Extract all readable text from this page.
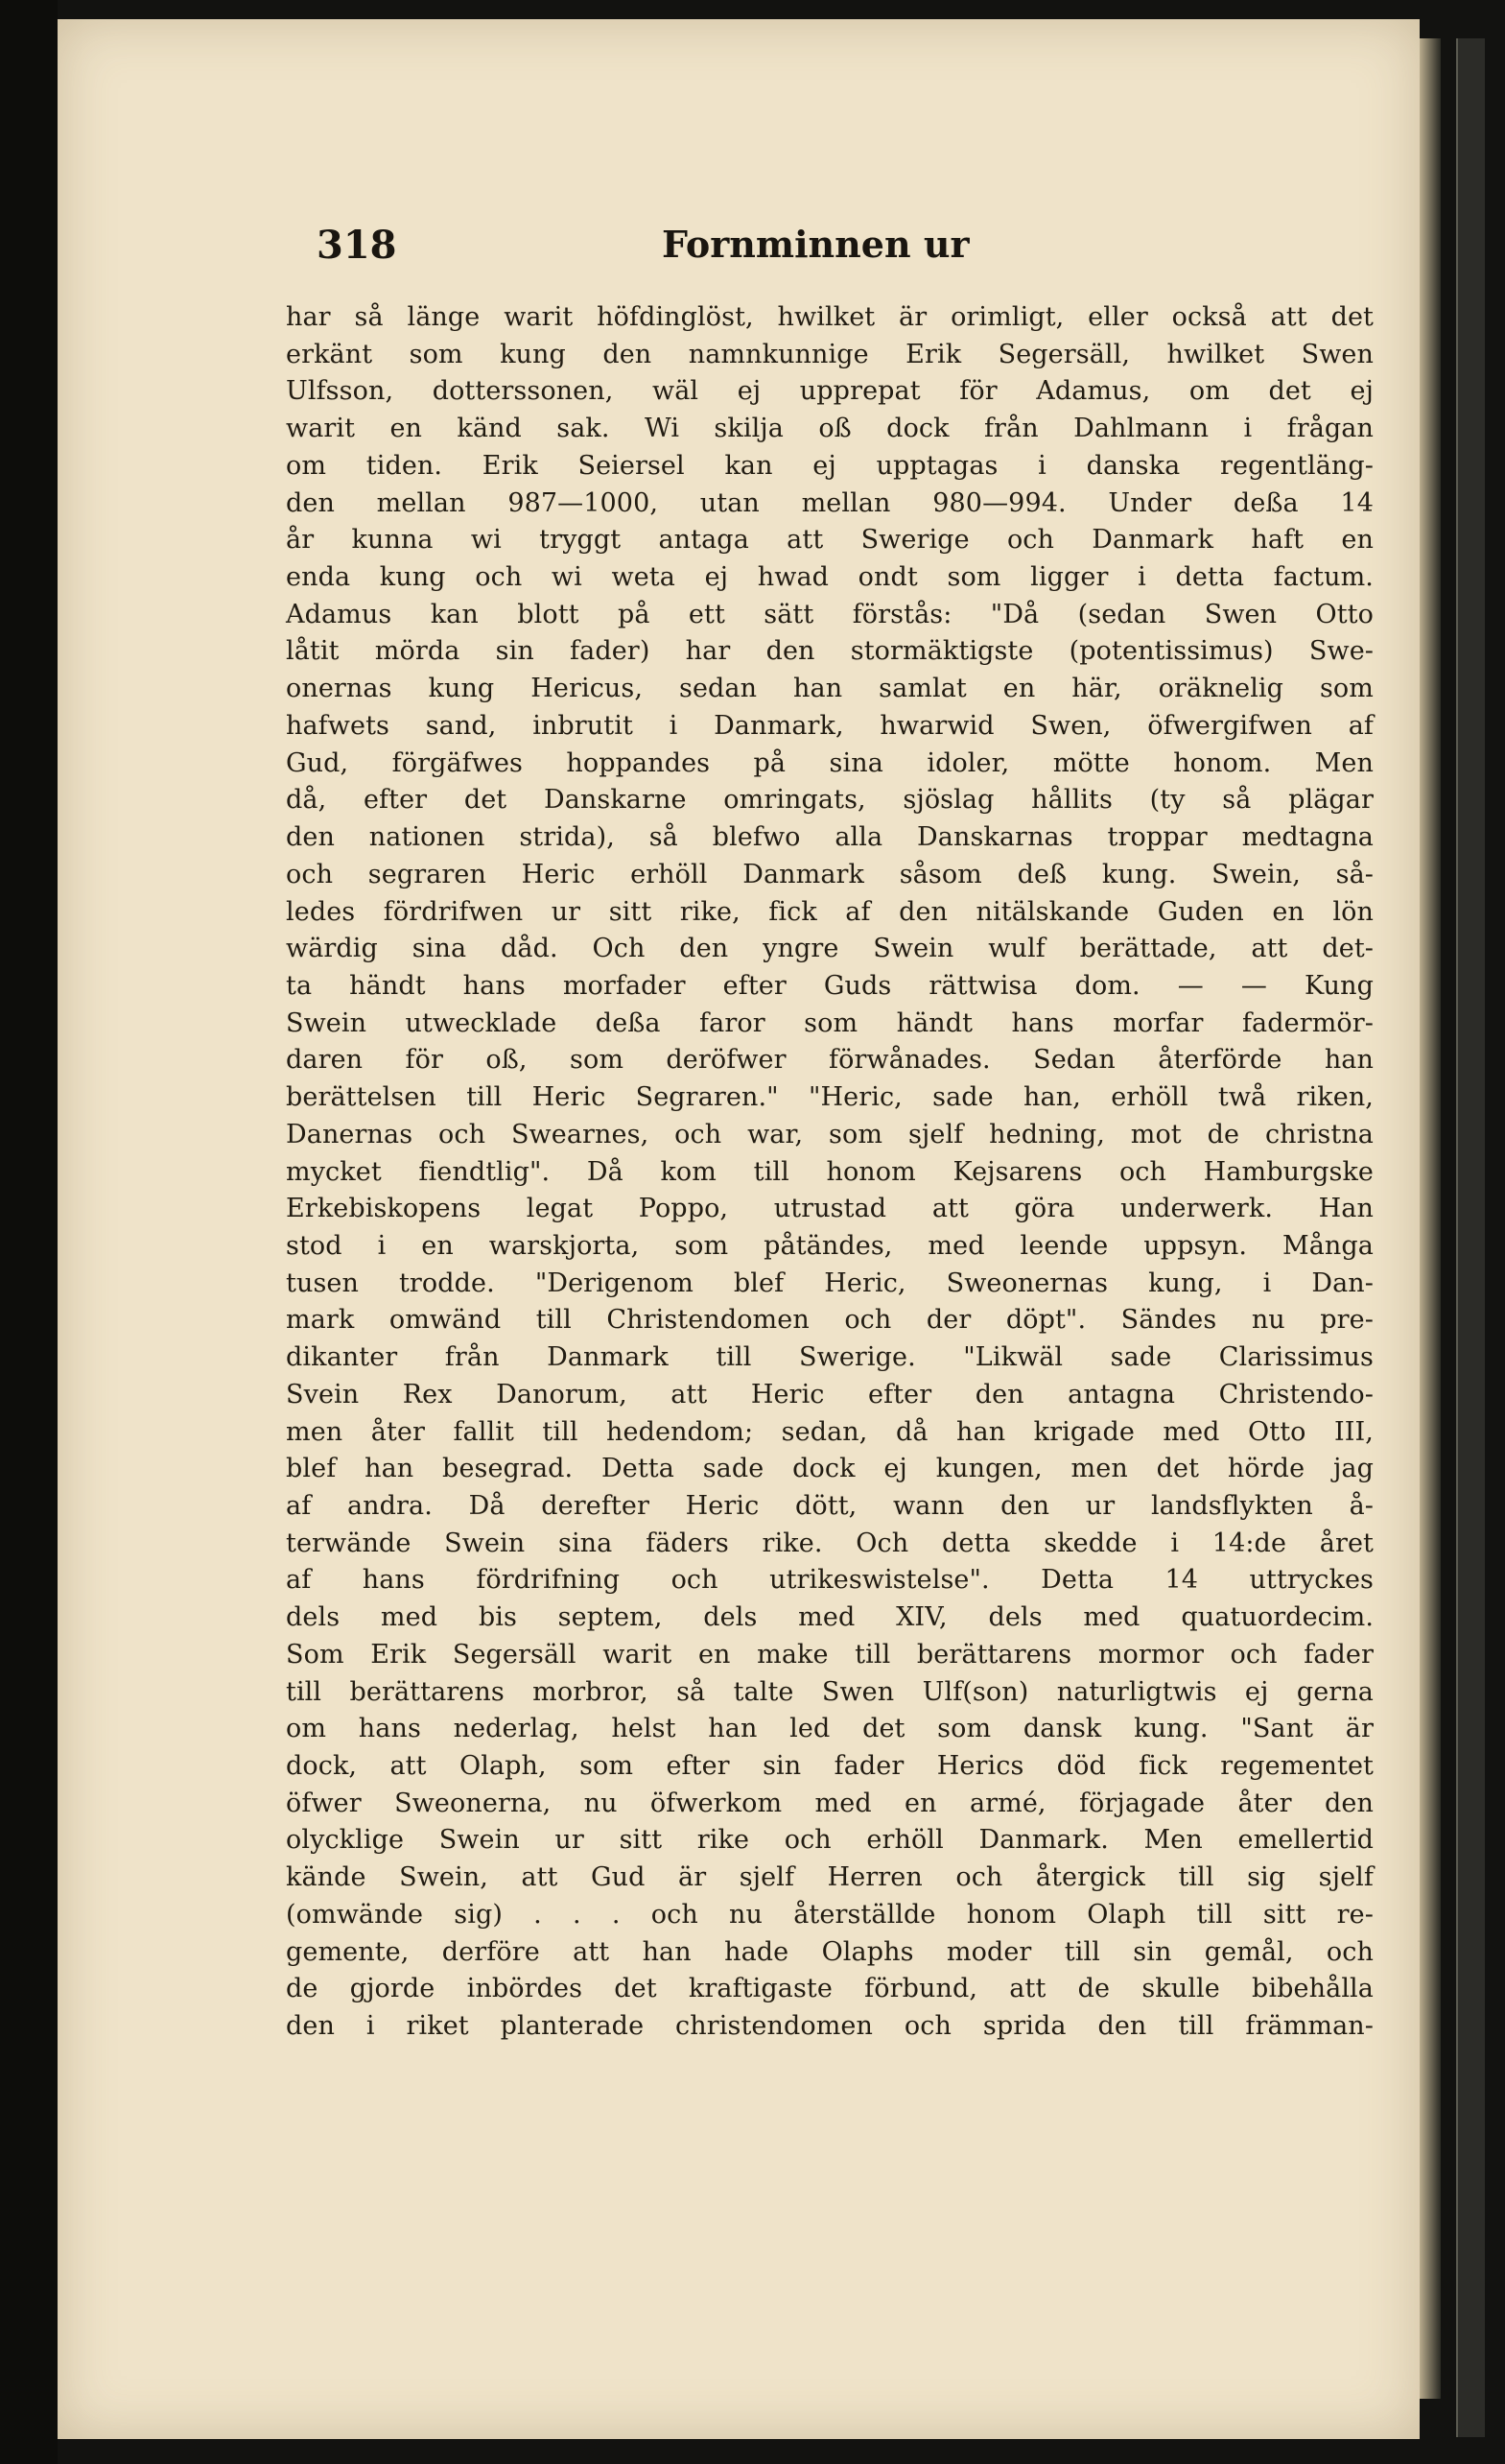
318	Fornminnen ur
har så länge warit höfdinglöst, hwilket är orimligt, eller också att det
erkänt som kung den namnkunnige Erik Segersäll, hwilket Swen
Ulfsson, dotterssonen, wäl ej upprepat för Adamus, om det ej
warit en känd sak. Wi skilja oß dock från Dahlmann i frågan
om tiden. Erik Seiersel kan ej upptagas i danska regentläng-
den mellan 987—1000, utan mellan 980—994. Under deßa 14
år kunna wi tryggt antaga att Swerige och Danmark haft en
enda kung och wi weta ej hwad ondt som ligger i detta factum.
Adamus kan blott på ett sätt förstås: "Då (sedan Swen Otto
låtit mörda sin fader) har den stormäktigste (potentissimus) Swe-
onernas kung Hericus, sedan han samlat en här, oräknelig som
hafwets sand, inbrutit i Danmark, hwarwid Swen, öfwergifwen af
Gud, förgäfwes hoppandes på sina idoler, mötte honom. Men
då, efter det Danskarne omringats, sjöslag hållits (ty så plägar
den nationen strida), så blefwo alla Danskarnas troppar medtagna
och segraren Heric erhöll Danmark såsom deß kung. Swein, så-
ledes fördrifwen ur sitt rike, fick af den nitälskande Guden en lön
wärdig sina dåd. Och den yngre Swein wulf berättade, att det-
ta händt hans morfader efter Guds rättwisa dom. — — Kung
Swein utwecklade deßa faror som händt hans morfar fadermör-
daren för oß, som deröfwer förwånades. Sedan återförde han
berättelsen till Heric Segraren." "Heric, sade han, erhöll twå riken,
Danernas och Swearnes, och war, som sjelf hedning, mot de christna
mycket fiendtlig". Då kom till honom Kejsarens och Hamburgske
Erkebiskopens legat Poppo, utrustad att göra underwerk. Han
stod i en warskjorta, som påtändes, med leende uppsyn. Många
tusen trodde. "Derigenom blef Heric, Sweonernas kung, i Dan-
mark omwänd till Christendomen och der döpt". Sändes nu pre-
dikanter från Danmark till Swerige. "Likwäl sade Clarissimus
Svein Rex Danorum, att Heric efter den antagna Christendo-
men åter fallit till hedendom; sedan, då han krigade med Otto III,
blef han besegrad. Detta sade dock ej kungen, men det hörde jag
af andra. Då derefter Heric dött, wann den ur landsflykten å-
terwände Swein sina fäders rike. Och detta skedde i 14:de året
af hans fördrifning och utrikeswistelse". Detta 14 uttryckes
dels med bis septem, dels med XIV, dels med quatuordecim.
Som Erik Segersäll warit en make till berättarens mormor och fader
till berättarens morbror, så talte Swen Ulf(son) naturligtwis ej gerna
om hans nederlag, helst han led det som dansk kung. "Sant är
dock, att Olaph, som efter sin fader Herics död fick regementet
öfwer Sweonerna, nu öfwerkom med en armé, förjagade åter den
olycklige Swein ur sitt rike och erhöll Danmark. Men emellertid
kände Swein, att Gud är sjelf Herren och återgick till sig sjelf
(omwände sig) . . . och nu återställde honom Olaph till sitt re-
gemente, derföre att han hade Olaphs moder till sin gemål, och
de gjorde inbördes det kraftigaste förbund, att de skulle bibehålla
den i riket planterade christendomen och sprida den till främman-
